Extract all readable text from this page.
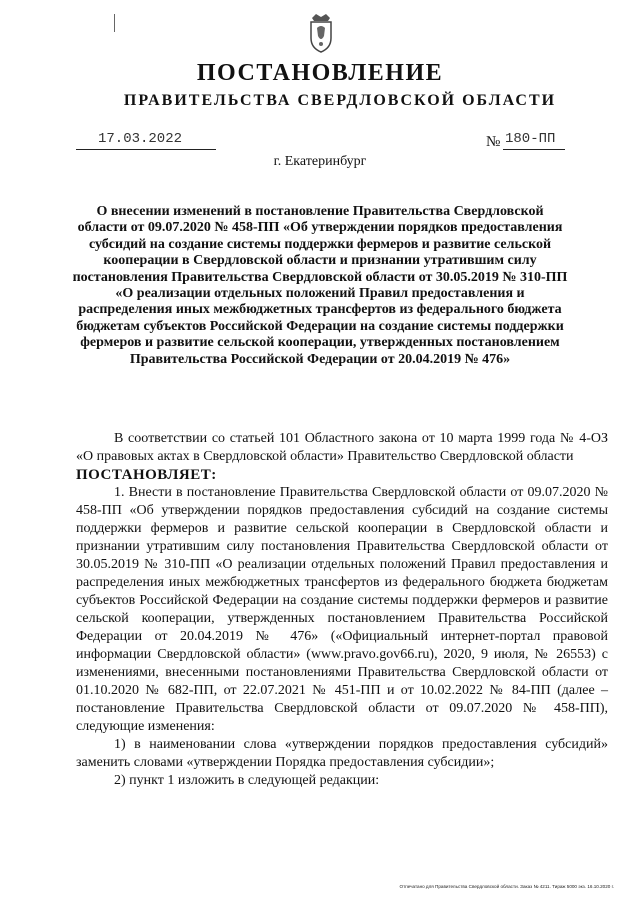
ПОСТАНОВЛЕНИЕ
ПРАВИТЕЛЬСТВА СВЕРДЛОВСКОЙ ОБЛАСТИ
17.03.2022	№ 180-ПП
г. Екатеринбург
О внесении изменений в постановление Правительства Свердловской области от 09.07.2020 № 458-ПП «Об утверждении порядков предоставления субсидий на создание системы поддержки фермеров и развитие сельской кооперации в Свердловской области и признании утратившим силу постановления Правительства Свердловской области от 30.05.2019 № 310-ПП «О реализации отдельных положений Правил предоставления и распределения иных межбюджетных трансфертов из федерального бюджета бюджетам субъектов Российской Федерации на создание системы поддержки фермеров и развитие сельской кооперации, утвержденных постановлением Правительства Российской Федерации от 20.04.2019 № 476»

В соответствии со статьей 101 Областного закона от 10 марта 1999 года № 4-ОЗ «О правовых актах в Свердловской области» Правительство Свердловской области

ПОСТАНОВЛЯЕТ:

1. Внести в постановление Правительства Свердловской области от 09.07.2020 № 458-ПП «Об утверждении порядков предоставления субсидий на создание системы поддержки фермеров и развитие сельской кооперации в Свердловской области и признании утратившим силу постановления Правительства Свердловской области от 30.05.2019 № 310-ПП «О реализации отдельных положений Правил предоставления и распределения иных межбюджетных трансфертов из федерального бюджета бюджетам субъектов Российской Федерации на создание системы поддержки фермеров и развитие сельской кооперации, утвержденных постановлением Правительства Российской Федерации от 20.04.2019 № 476» («Официальный интернет-портал правовой информации Свердловской области» (www.pravo.gov66.ru), 2020, 9 июля, № 26553) с изменениями, внесенными постановлениями Правительства Свердловской области от 01.10.2020 № 682-ПП, от 22.07.2021 № 451-ПП и от 10.02.2022 № 84-ПП (далее – постановление Правительства Свердловской области от 09.07.2020 № 458-ПП), следующие изменения:

1) в наименовании слова «утверждении порядков предоставления субсидий» заменить словами «утверждении Порядка предоставления субсидии»;

2) пункт 1 изложить в следующей редакции:

Отпечатано для Правительства Свердловской области. Заказ № 4211. Тираж 5000 экз. 16.10.2020 г.
